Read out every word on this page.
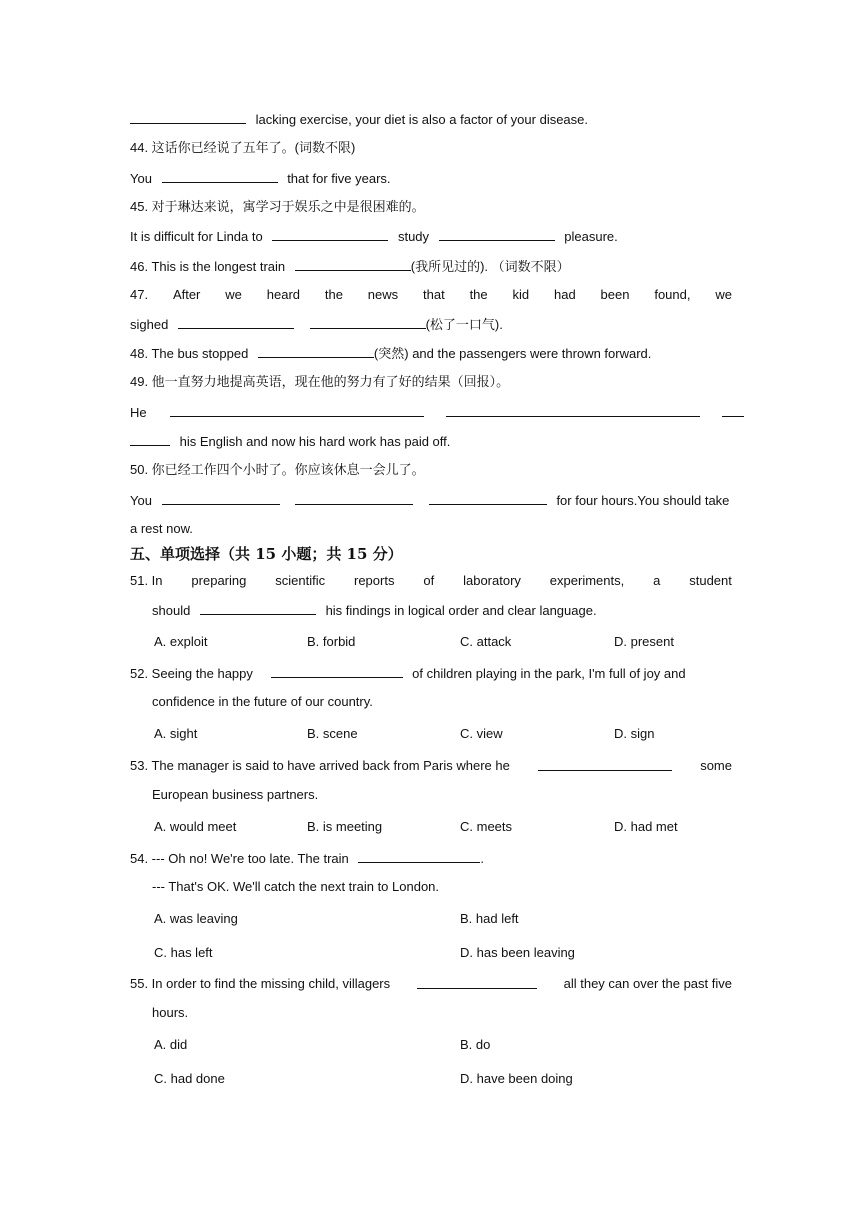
lacking exercise, your diet is also a factor of your disease.
44. 这话你已经说了五年了。(词数不限)
You	that for five years.
45. 对于琳达来说，寓学习于娱乐之中是很困难的。
It is difficult for Linda to	study	pleasure.
46. This is the longest train	(我所见过的). （词数不限）
47. After we heard the news that the kid had been found, we
sighed	(松了一口气).
48. The bus stopped	(突然) and the passengers were thrown forward.
49. 他一直努力地提高英语，现在他的努力有了好的结果（回报）。
He
his English and now his hard work has paid off.
50. 你已经工作四个小时了。你应该休息一会儿了。
You	for four hours.You should take
a rest now.
五、单项选择（共 15 小题；共 15 分）
51. In preparing scientific reports of laboratory experiments, a student
should	his findings in logical order and clear language.
A. exploit	B. forbid	C. attack	D. present
52. Seeing the happy	of children playing in the park, I'm full of joy and
confidence in the future of our country.
A. sight	B. scene	C. view	D. sign
53. The manager is said to have arrived back from Paris where he	some
European business partners.
A. would meet	B. is meeting	C. meets	D. had met
54. --- Oh no! We're too late. The train	.
--- That's OK. We'll catch the next train to London.
A. was leaving	B. had left
C. has left	D. has been leaving
55. In order to find the missing child, villagers	all they can over the past five
hours.
A. did	B. do
C. had done	D. have been doing
